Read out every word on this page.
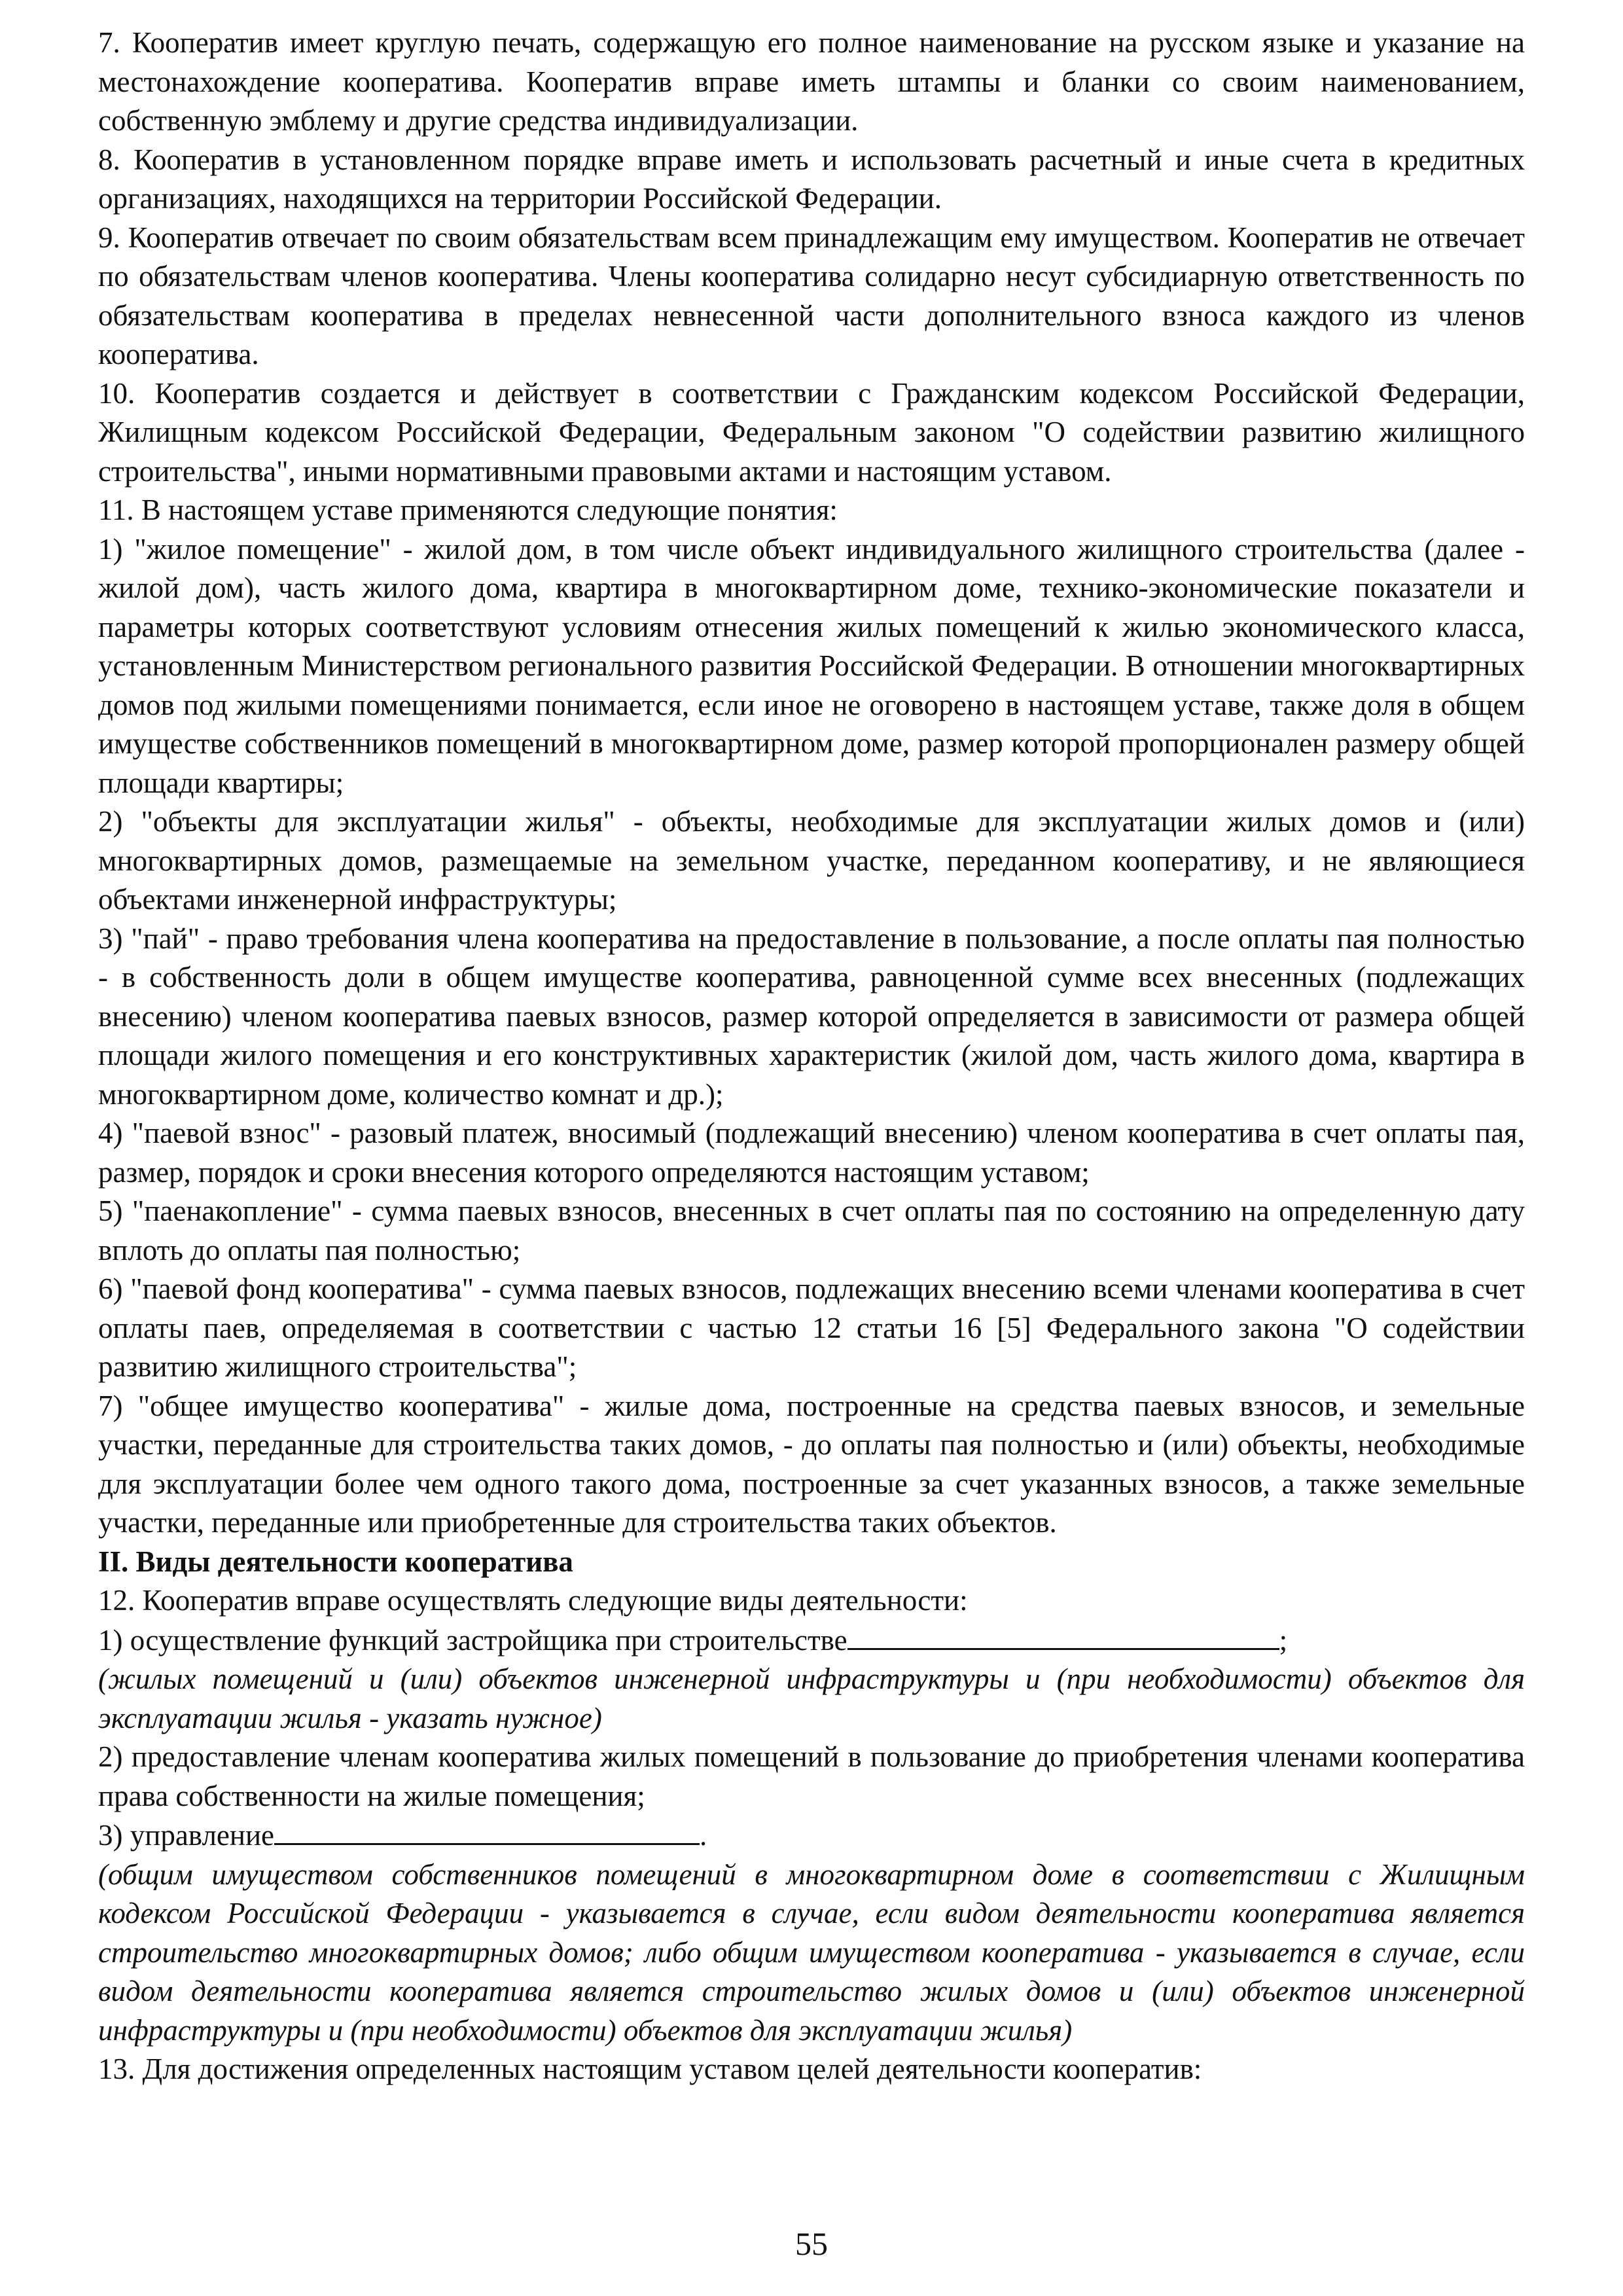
7. Кооператив имеет круглую печать, содержащую его полное наименование на русском языке и указание на местонахождение кооператива. Кооператив вправе иметь штампы и бланки со своим наименованием, собственную эмблему и другие средства индивидуализации.

8. Кооператив в установленном порядке вправе иметь и использовать расчетный и иные счета в кредитных организациях, находящихся на территории Российской Федерации.

9. Кооператив отвечает по своим обязательствам всем принадлежащим ему имуществом. Кооператив не отвечает по обязательствам членов кооператива. Члены кооператива солидарно несут субсидиарную ответственность по обязательствам кооператива в пределах невнесенной части дополнительного взноса каждого из членов кооператива.

10. Кооператив создается и действует в соответствии с Гражданским кодексом Российской Федерации, Жилищным кодексом Российской Федерации, Федеральным законом "О содействии развитию жилищного строительства", иными нормативными правовыми актами и настоящим уставом.

11. В настоящем уставе применяются следующие понятия:

1) "жилое помещение" - жилой дом, в том числе объект индивидуального жилищного строительства (далее - жилой дом), часть жилого дома, квартира в многоквартирном доме, технико-экономические показатели и параметры которых соответствуют условиям отнесения жилых помещений к жилью экономического класса, установленным Министерством регионального развития Российской Федерации. В отношении многоквартирных домов под жилыми помещениями понимается, если иное не оговорено в настоящем уставе, также доля в общем имуществе собственников помещений в многоквартирном доме, размер которой пропорционален размеру общей площади квартиры;

2) "объекты для эксплуатации жилья" - объекты, необходимые для эксплуатации жилых домов и (или) многоквартирных домов, размещаемые на земельном участке, переданном кооперативу, и не являющиеся объектами инженерной инфраструктуры;

3) "пай" - право требования члена кооператива на предоставление в пользование, а после оплаты пая полностью - в собственность доли в общем имуществе кооператива, равноценной сумме всех внесенных (подлежащих внесению) членом кооператива паевых взносов, размер которой определяется в зависимости от размера общей площади жилого помещения и его конструктивных характеристик (жилой дом, часть жилого дома, квартира в многоквартирном доме, количество комнат и др.);

4) "паевой взнос" - разовый платеж, вносимый (подлежащий внесению) членом кооператива в счет оплаты пая, размер, порядок и сроки внесения которого определяются настоящим уставом;

5) "паенакопление" - сумма паевых взносов, внесенных в счет оплаты пая по состоянию на определенную дату вплоть до оплаты пая полностью;

6) "паевой фонд кооператива" - сумма паевых взносов, подлежащих внесению всеми членами кооператива в счет оплаты паев, определяемая в соответствии с частью 12 статьи 16 [5] Федерального закона "О содействии развитию жилищного строительства";

7) "общее имущество кооператива" - жилые дома, построенные на средства паевых взносов, и земельные участки, переданные для строительства таких домов, - до оплаты пая полностью и (или) объекты, необходимые для эксплуатации более чем одного такого дома, построенные за счет указанных взносов, а также земельные участки, переданные или приобретенные для строительства таких объектов.

II. Виды деятельности кооператива

12. Кооператив вправе осуществлять следующие виды деятельности:

1) осуществление функций застройщика при строительстве	;

(жилых помещений и (или) объектов инженерной инфраструктуры и (при необходимости) объектов для эксплуатации жилья - указать нужное)

2) предоставление членам кооператива жилых помещений в пользование до приобретения членами кооператива права собственности на жилые помещения;

3) управление	.

(общим имуществом собственников помещений в многоквартирном доме в соответствии с Жилищным кодексом Российской Федерации - указывается в случае, если видом деятельности кооператива является строительство многоквартирных домов; либо общим имуществом кооператива - указывается в случае, если видом деятельности кооператива является строительство жилых домов и (или) объектов инженерной инфраструктуры и (при необходимости) объектов для эксплуатации жилья)

13. Для достижения определенных настоящим уставом целей деятельности кооператив:

55
